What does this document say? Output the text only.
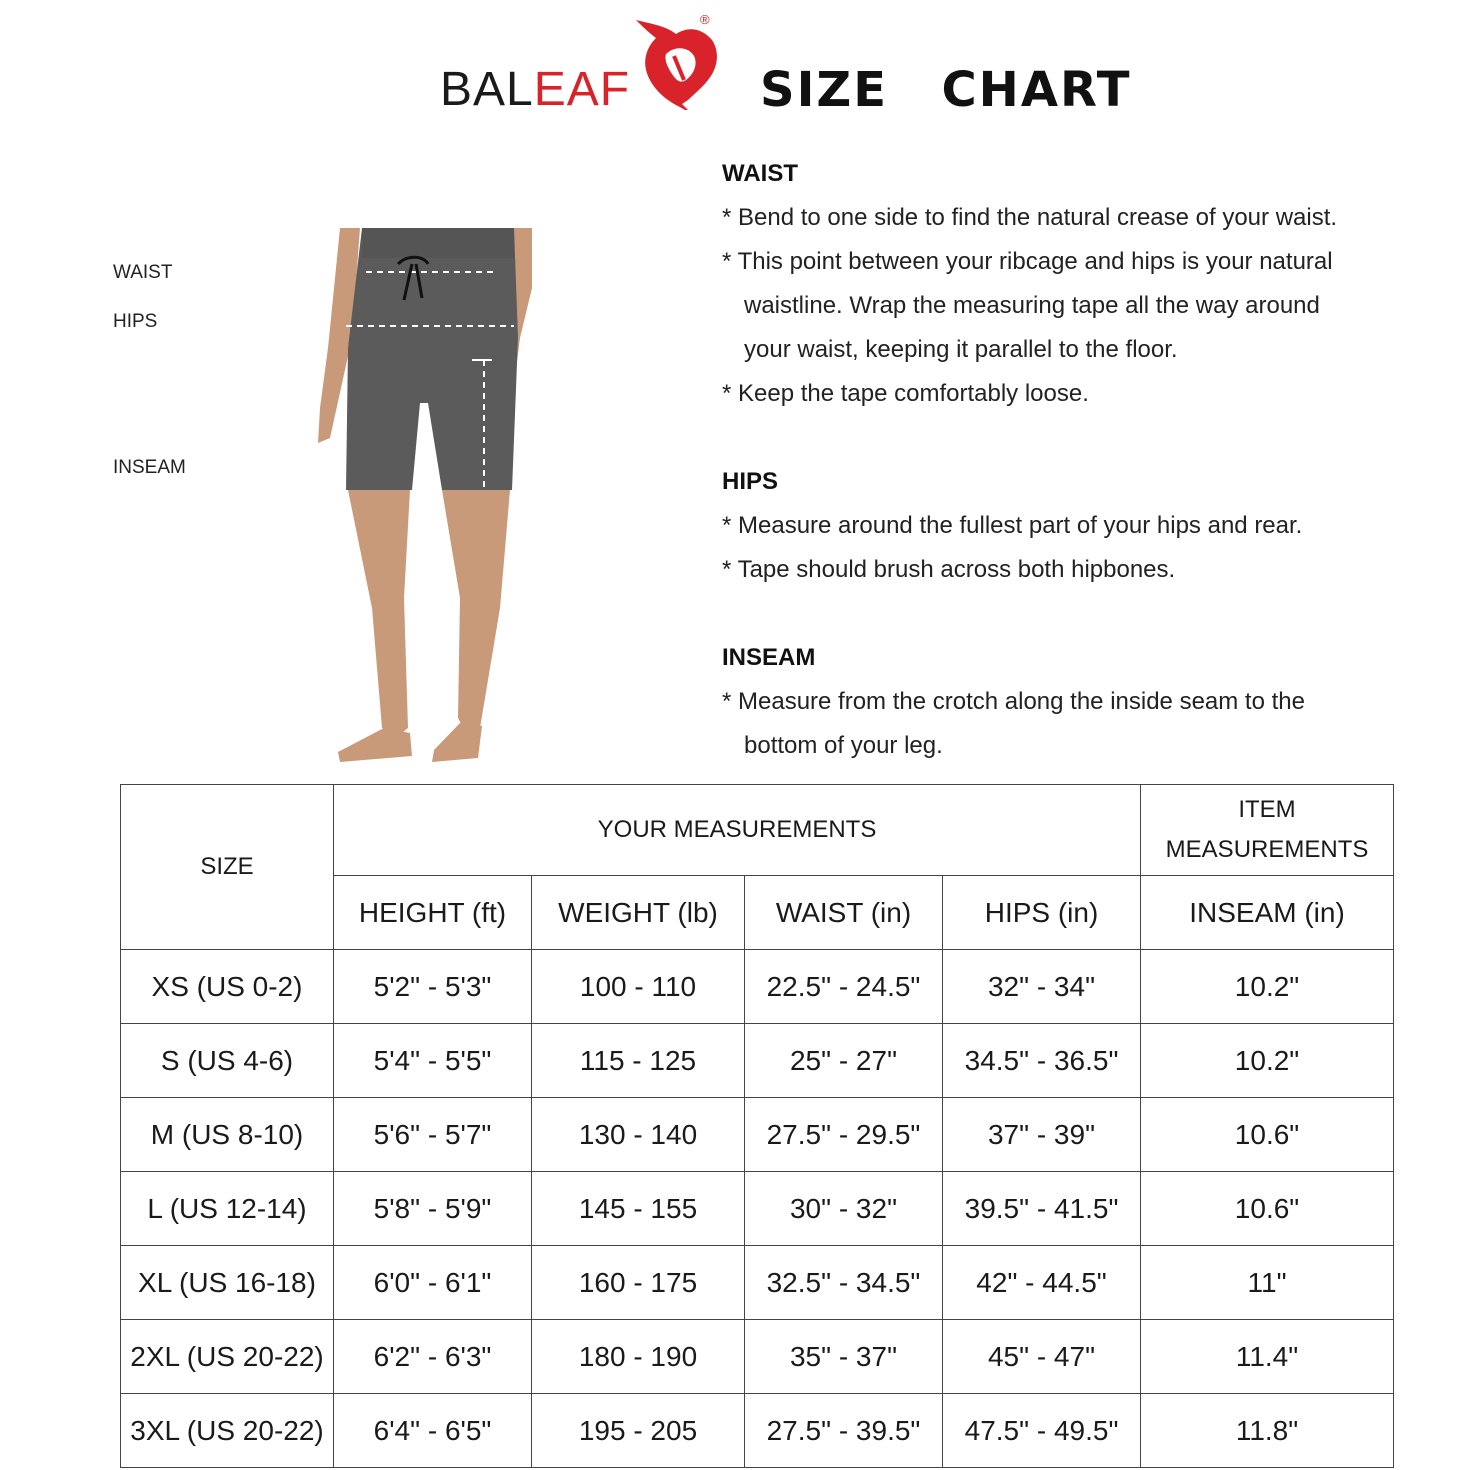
BALEAF
®
SIZE  CHART
WAIST
HIPS
INSEAM
WAIST

* Bend to one side to find the natural crease of your waist.

* This point between your ribcage and hips is your natural

waistline. Wrap the measuring tape all the way around

your waist, keeping it parallel to the floor.

* Keep the tape comfortably loose.

HIPS

* Measure around the fullest part of your hips and rear.

* Tape should brush across both hipbones.

INSEAM

* Measure from the crotch along the inside seam to the

bottom of your leg.

SIZE	YOUR MEASUREMENTS				ITEM
MEASUREMENTS
	HEIGHT (ft)	WEIGHT (lb)	WAIST (in)	HIPS (in)	INSEAM (in)
XS (US 0-2)	5'2" - 5'3"	100 - 110	22.5" - 24.5"	32" - 34"	10.2"
S (US 4-6)	5'4" - 5'5"	115 - 125	25" - 27"	34.5" - 36.5"	10.2"
M (US 8-10)	5'6" - 5'7"	130 - 140	27.5" - 29.5"	37" - 39"	10.6"
L (US 12-14)	5'8" - 5'9"	145 - 155	30" - 32"	39.5" - 41.5"	10.6"
XL (US 16-18)	6'0" - 6'1"	160 - 175	32.5" - 34.5"	42" - 44.5"	11"
2XL (US 20-22)	6'2" - 6'3"	180 - 190	35" - 37"	45" - 47"	11.4"
3XL (US 20-22)	6'4" - 6'5"	195 - 205	27.5" - 39.5"	47.5" - 49.5"	11.8"
